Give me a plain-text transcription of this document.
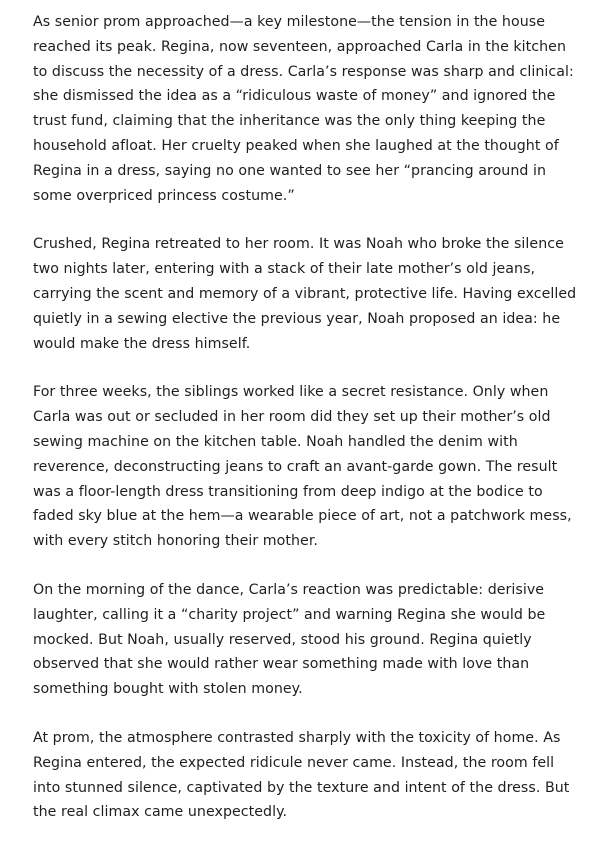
As senior prom approached—a key milestone—the tension in the house reached its peak. Regina, now seventeen, approached Carla in the kitchen to discuss the necessity of a dress. Carla’s response was sharp and clinical: she dismissed the idea as a “ridiculous waste of money” and ignored the trust fund, claiming that the inheritance was the only thing keeping the household afloat. Her cruelty peaked when she laughed at the thought of Regina in a dress, saying no one wanted to see her “prancing around in some overpriced princess costume.”

Crushed, Regina retreated to her room. It was Noah who broke the silence two nights later, entering with a stack of their late mother’s old jeans, carrying the scent and memory of a vibrant, protective life. Having excelled quietly in a sewing elective the previous year, Noah proposed an idea: he would make the dress himself.

For three weeks, the siblings worked like a secret resistance. Only when Carla was out or secluded in her room did they set up their mother’s old sewing machine on the kitchen table. Noah handled the denim with reverence, deconstructing jeans to craft an avant-garde gown. The result was a floor-length dress transitioning from deep indigo at the bodice to faded sky blue at the hem—a wearable piece of art, not a patchwork mess, with every stitch honoring their mother.

On the morning of the dance, Carla’s reaction was predictable: derisive laughter, calling it a “charity project” and warning Regina she would be mocked. But Noah, usually reserved, stood his ground. Regina quietly observed that she would rather wear something made with love than something bought with stolen money.

At prom, the atmosphere contrasted sharply with the toxicity of home. As Regina entered, the expected ridicule never came. Instead, the room fell into stunned silence, captivated by the texture and intent of the dress. But the real climax came unexpectedly.
